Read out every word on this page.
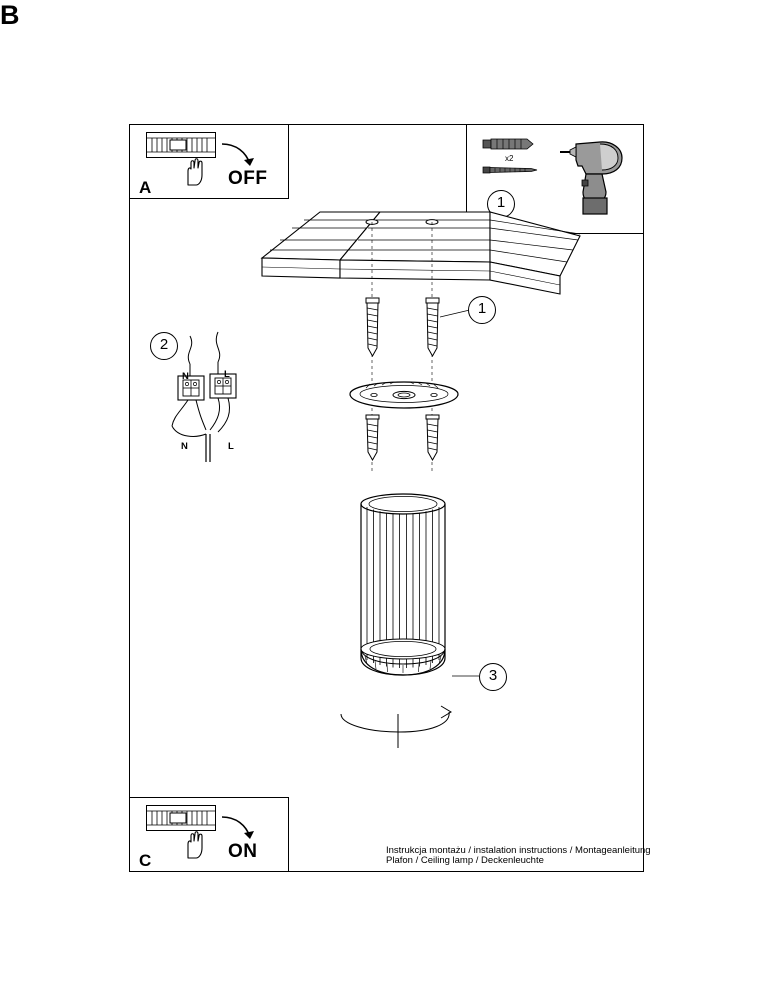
A	OFF
B
x2
1
1
2
N	L
N	L
3
C	ON	Instrukcja montażu / instalation instructions / Montageanleitung
Plafon / Ceiling lamp / Deckenleuchte
